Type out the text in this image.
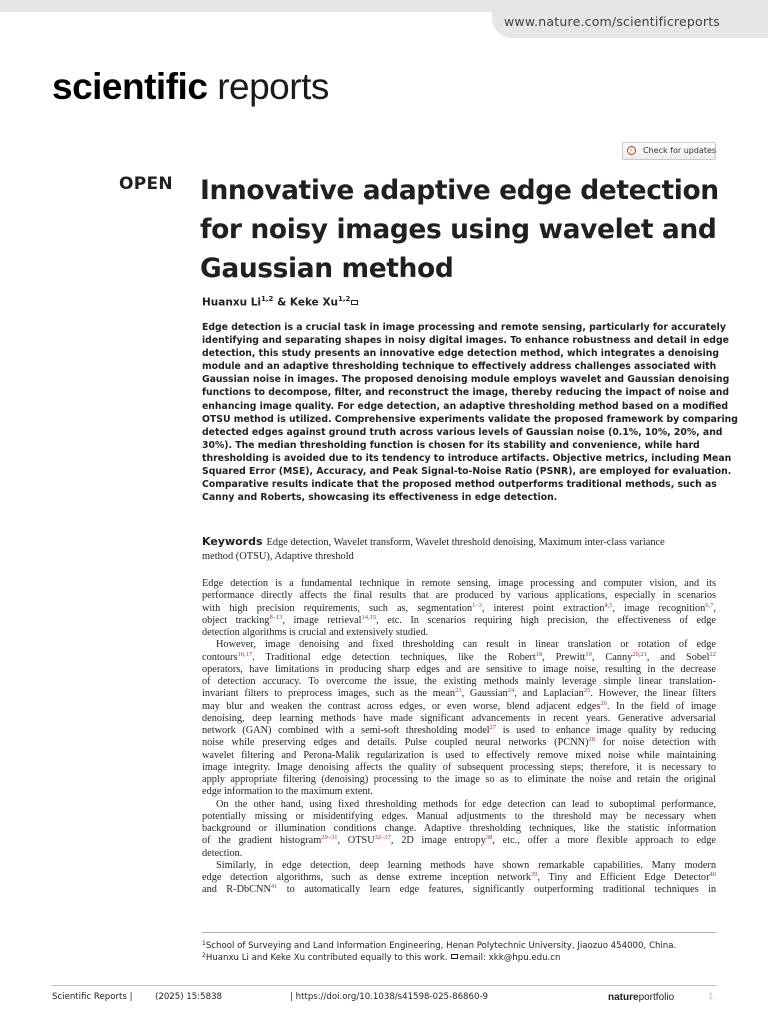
www.nature.com/scientificreports
scientific reports
Check for updates
OPEN Innovative adaptive edge detection
for noisy images using wavelet and
Gaussian method
Huanxu Li$^{1,2}$ & Keke Xu$^{1,2}$
Edge detection is a crucial task in image processing and remote sensing, particularly for accurately
identifying and separating shapes in noisy digital images. To enhance robustness and detail in edge
detection, this study presents an innovative edge detection method, which integrates a denoising
module and an adaptive thresholding technique to effectively address challenges associated with
Gaussian noise in images. The proposed denoising module employs wavelet and Gaussian denoising
functions to decompose, filter, and reconstruct the image, thereby reducing the impact of noise and
enhancing image quality. For edge detection, an adaptive thresholding method based on a modified
OTSU method is utilized. Comprehensive experiments validate the proposed framework by comparing
detected edges against ground truth across various levels of Gaussian noise (0.1%, 10%, 20%, and
30%). The median thresholding function is chosen for its stability and convenience, while hard
thresholding is avoided due to its tendency to introduce artifacts. Objective metrics, including Mean
Squared Error (MSE), Accuracy, and Peak Signal-to-Noise Ratio (PSNR), are employed for evaluation.
Comparative results indicate that the proposed method outperforms traditional methods, such as
Canny and Roberts, showcasing its effectiveness in edge detection.
Keywords Edge detection, Wavelet transform, Wavelet threshold denoising, Maximum inter-class variance
method (OTSU), Adaptive threshold
Edge detection is a fundamental technique in remote sensing, image processing and computer vision, and its
performance directly affects the final results that are produced by various applications, especially in scenarios
with high precision requirements, such as, segmentation$^{1-3}$, interest point extraction$^{4,5}$, image recognition$^{6,7}$,
object tracking$^{8-13}$, image retrieval$^{14,15}$, etc. In scenarios requiring high precision, the effectiveness of edge
detection algorithms is crucial and extensively studied.
However, image denoising and fixed thresholding can result in linear translation or rotation of edge
contours$^{16,17}$. Traditional edge detection techniques, like the Robert$^{18}$, Prewitt$^{19}$, Canny$^{20,21}$, and Sobel$^{22}$
operators, have limitations in producing sharp edges and are sensitive to image noise, resulting in the decrease
of detection accuracy. To overcome the issue, the existing methods mainly leverage simple linear translation-
invariant filters to preprocess images, such as the mean$^{23}$, Gaussian$^{24}$, and Laplacian$^{25}$. However, the linear filters
may blur and weaken the contrast across edges, or even worse, blend adjacent edges$^{26}$. In the field of image
denoising, deep learning methods have made significant advancements in recent years. Generative adversarial
network (GAN) combined with a semi-soft thresholding model$^{27}$ is used to enhance image quality by reducing
noise while preserving edges and details. Pulse coupled neural networks (PCNN)$^{28}$ for noise detection with
wavelet filtering and Perona-Malik regularization is used to effectively remove mixed noise while maintaining
image integrity. Image denoising affects the quality of subsequent processing steps; therefore, it is necessary to
apply appropriate filtering (denoising) processing to the image so as to eliminate the noise and retain the original
edge information to the maximum extent.
On the other hand, using fixed thresholding methods for edge detection can lead to suboptimal performance,
potentially missing or misidentifying edges. Manual adjustments to the threshold may be necessary when
background or illumination conditions change. Adaptive thresholding techniques, like the statistic information
of the gradient histogram$^{29-31}$, OTSU$^{32-37}$, 2D image entropy$^{38}$, etc., offer a more flexible approach to edge
detection.
Similarly, in edge detection, deep learning methods have shown remarkable capabilities. Many modern
edge detection algorithms, such as dense extreme inception network$^{39}$, Tiny and Efficient Edge Detector$^{40}$
and R-DbCNN$^{41}$ to automatically learn edge features, significantly outperforming traditional techniques in
$^1$School of Surveying and Land Information Engineering, Henan Polytechnic University, Jiaozuo 454000, China.
$^2$Huanxu Li and Keke Xu contributed equally to this work. email: xkk@hpu.edu.cn
Scientific Reports |	(2025) 15:5838	| https://doi.org/10.1038/s41598-025-86860-9	natureportfolio	1
